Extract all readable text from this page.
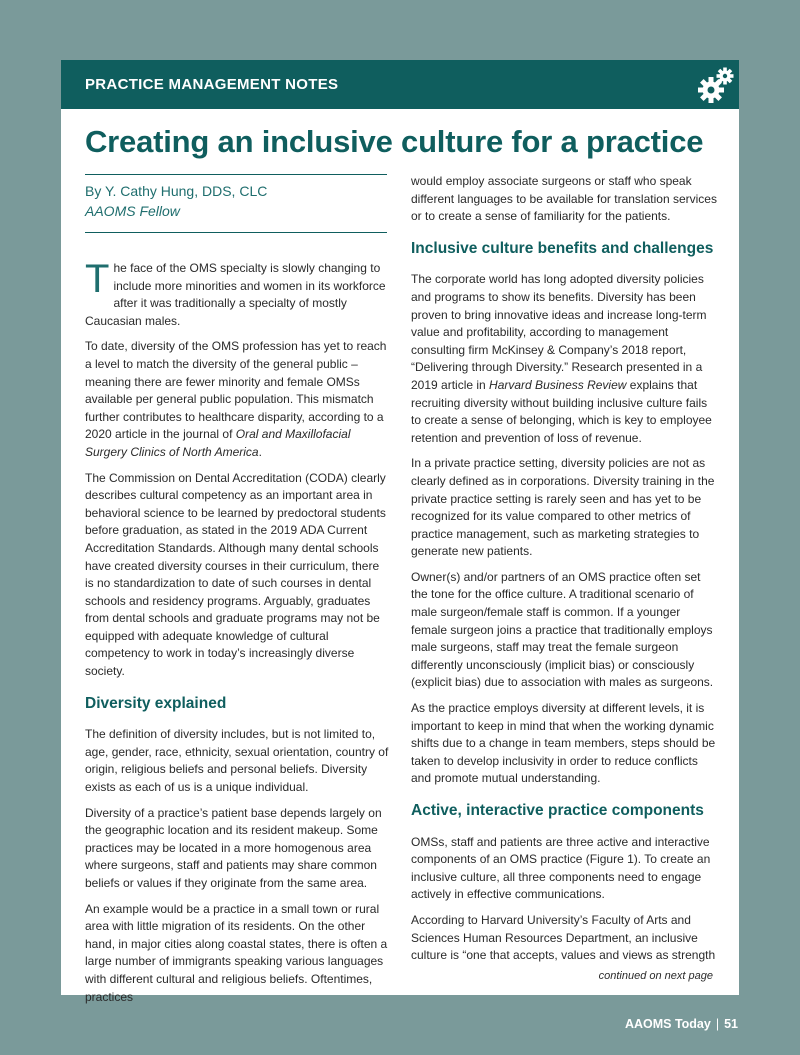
PRACTICE MANAGEMENT NOTES
Creating an inclusive culture for a practice
By Y. Cathy Hung, DDS, CLC
AAOMS Fellow

The face of the OMS specialty is slowly changing to include more minorities and women in its workforce after it was traditionally a specialty of mostly Caucasian males.

To date, diversity of the OMS profession has yet to reach a level to match the diversity of the general public – meaning there are fewer minority and female OMSs available per general public population. This mismatch further contributes to healthcare disparity, according to a 2020 article in the journal of Oral and Maxillofacial Surgery Clinics of North America.

The Commission on Dental Accreditation (CODA) clearly describes cultural competency as an important area in behavioral science to be learned by predoctoral students before graduation, as stated in the 2019 ADA Current Accreditation Standards. Although many dental schools have created diversity courses in their curriculum, there is no standardization to date of such courses in dental schools and residency programs. Arguably, graduates from dental schools and graduate programs may not be equipped with adequate knowledge of cultural competency to work in today’s increasingly diverse society.

Diversity explained

The definition of diversity includes, but is not limited to, age, gender, race, ethnicity, sexual orientation, country of origin, religious beliefs and personal beliefs. Diversity exists as each of us is a unique individual.

Diversity of a practice’s patient base depends largely on the geographic location and its resident makeup. Some practices may be located in a more homogenous area where surgeons, staff and patients may share common beliefs or values if they originate from the same area.

An example would be a practice in a small town or rural area with little migration of its residents. On the other hand, in major cities along coastal states, there is often a large number of immigrants speaking various languages with different cultural and religious beliefs. Oftentimes, practices

would employ associate surgeons or staff who speak different languages to be available for translation services or to create a sense of familiarity for the patients.

Inclusive culture benefits and challenges

The corporate world has long adopted diversity policies and programs to show its benefits. Diversity has been proven to bring innovative ideas and increase long-term value and profitability, according to management consulting firm McKinsey & Company’s 2018 report, “Delivering through Diversity.” Research presented in a 2019 article in Harvard Business Review explains that recruiting diversity without building inclusive culture fails to create a sense of belonging, which is key to employee retention and prevention of loss of revenue.

In a private practice setting, diversity policies are not as clearly defined as in corporations. Diversity training in the private practice setting is rarely seen and has yet to be recognized for its value compared to other metrics of practice management, such as marketing strategies to generate new patients.

Owner(s) and/or partners of an OMS practice often set the tone for the office culture. A traditional scenario of male surgeon/female staff is common. If a younger female surgeon joins a practice that traditionally employs male surgeons, staff may treat the female surgeon differently unconsciously (implicit bias) or consciously (explicit bias) due to association with males as surgeons.

As the practice employs diversity at different levels, it is important to keep in mind that when the working dynamic shifts due to a change in team members, steps should be taken to develop inclusivity in order to reduce conflicts and promote mutual understanding.

Active, interactive practice components

OMSs, staff and patients are three active and interactive components of an OMS practice (Figure 1). To create an inclusive culture, all three components need to engage actively in effective communications.

According to Harvard University’s Faculty of Arts and Sciences Human Resources Department, an inclusive culture is “one that accepts, values and views as strength

continued on next page
AAOMS Today | 51
